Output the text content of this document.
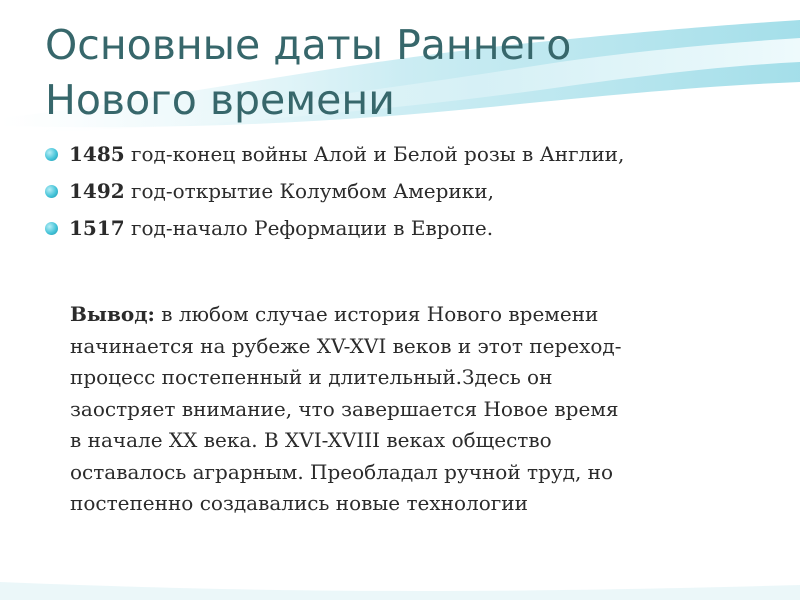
Основные даты Раннего
Нового времени
1485 год-конец войны Алой и Белой розы в Англии,
1492 год-открытие Колумбом Америки,
1517 год-начало Реформации в Европе.
Вывод: в любом случае история Нового времени
начинается на рубеже XV-XVI веков и этот переход-
процесс постепенный и длительный.Здесь он
заостряет внимание, что завершается Новое время
в начале XX века. В XVI-XVIII веках общество
оставалось аграрным. Преобладал ручной труд, но
постепенно создавались новые технологии
